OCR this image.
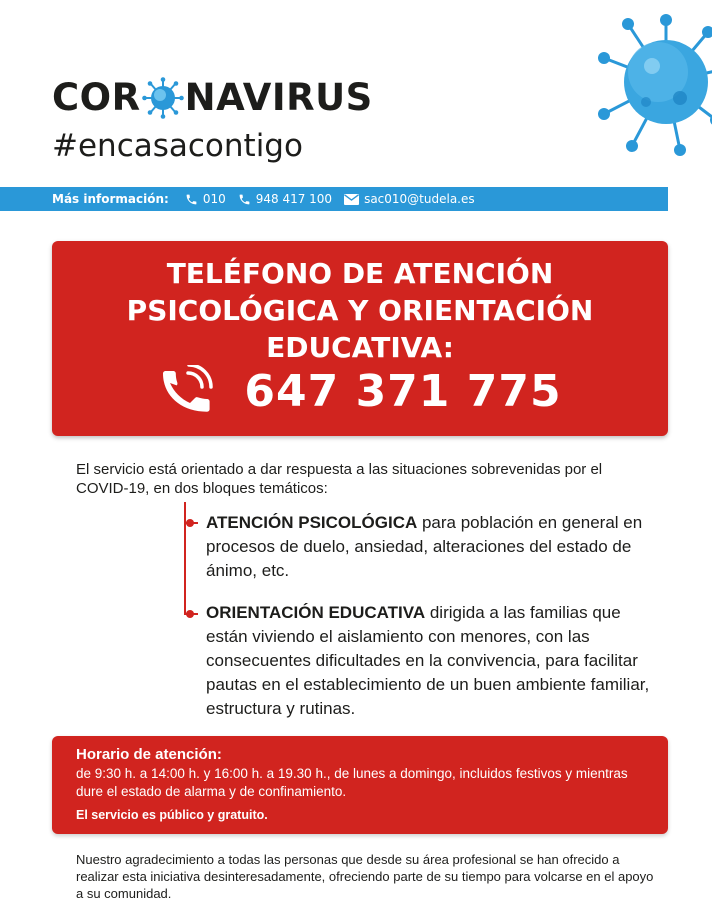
COR NAVIRUS
#encasacontigo
Más información:	010	948 417 100	sac010@tudela.es
TELÉFONO DE ATENCIÓN
PSICOLÓGICA Y ORIENTACIÓN
EDUCATIVA:
647 371 775
El servicio está orientado a dar respuesta a las situaciones sobrevenidas por el COVID-19, en dos bloques temáticos:
ATENCIÓN PSICOLÓGICA para población en general en procesos de duelo, ansiedad, alteraciones del estado de ánimo, etc.
ORIENTACIÓN EDUCATIVA dirigida a las familias que están viviendo el aislamiento con menores, con las consecuentes dificultades en la convivencia, para facilitar pautas en el establecimiento de un buen ambiente familiar, estructura y rutinas.
Horario de atención:
de 9:30 h. a 14:00 h. y 16:00 h. a 19.30 h., de lunes a domingo, incluidos festivos y mientras dure el estado de alarma y de confinamiento.
El servicio es público y gratuito.
Nuestro agradecimiento a todas las personas que desde su área profesional se han ofrecido a realizar esta iniciativa desinteresadamente, ofreciendo parte de su tiempo para volcarse en el apoyo a su comunidad.
